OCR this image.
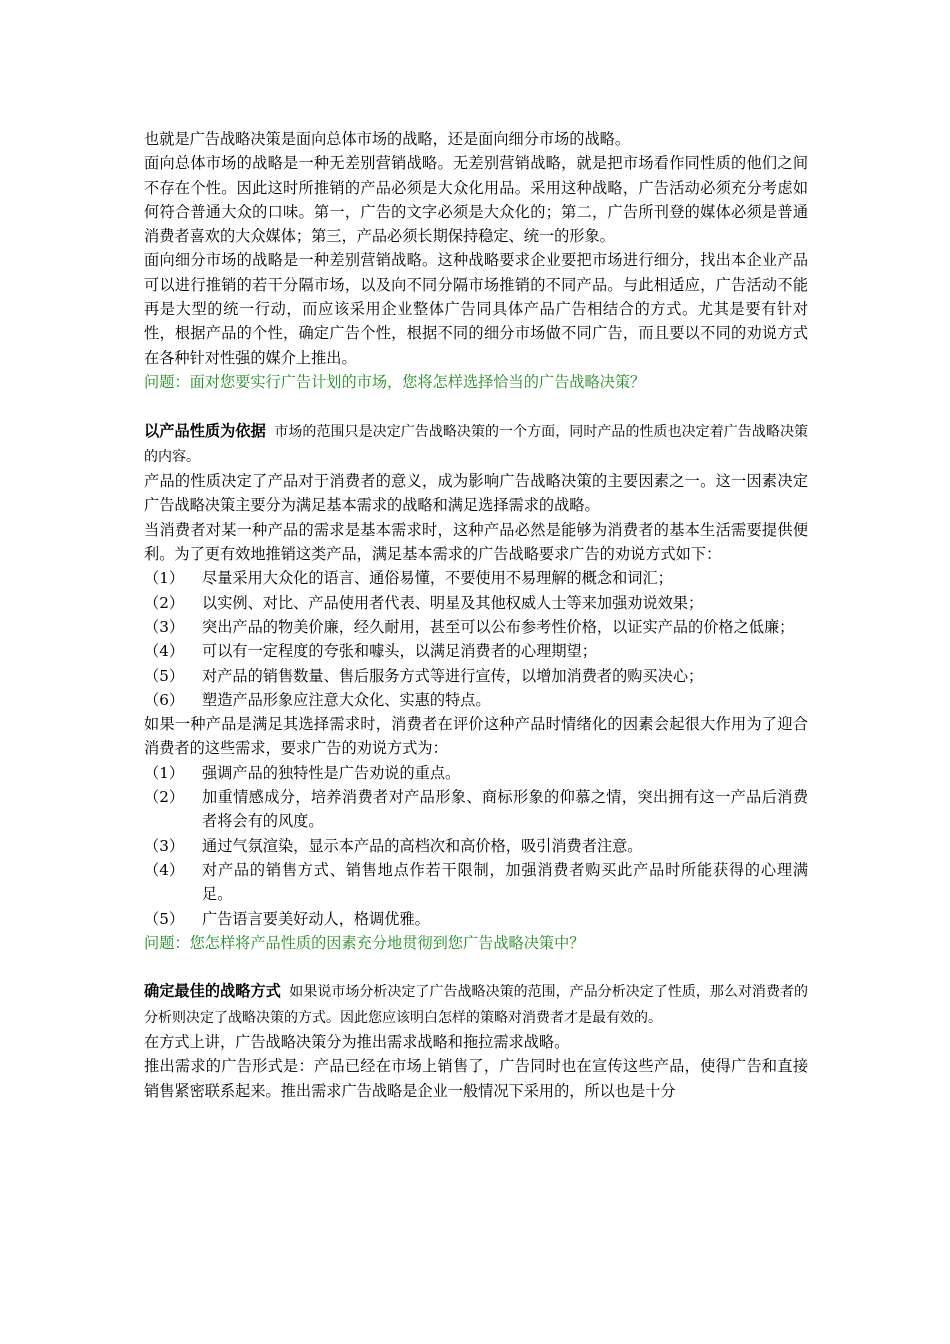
也就是广告战略决策是面向总体市场的战略，还是面向细分市场的战略。

面向总体市场的战略是一种无差别营销战略。无差别营销战略，就是把市场看作同性质的他们之间不存在个性。因此这时所推销的产品必须是大众化用品。采用这种战略，广告活动必须充分考虑如何符合普通大众的口味。第一，广告的文字必须是大众化的；第二，广告所刊登的媒体必须是普通消费者喜欢的大众媒体；第三，产品必须长期保持稳定、统一的形象。

面向细分市场的战略是一种差别营销战略。这种战略要求企业要把市场进行细分，找出本企业产品可以进行推销的若干分隔市场，以及向不同分隔市场推销的不同产品。与此相适应，广告活动不能再是大型的统一行动，而应该采用企业整体广告同具体产品广告相结合的方式。尤其是要有针对性，根据产品的个性，确定广告个性，根据不同的细分市场做不同广告，而且要以不同的劝说方式在各种针对性强的媒介上推出。

问题：面对您要实行广告计划的市场，您将怎样选择恰当的广告战略决策？

以产品性质为依据 市场的范围只是决定广告战略决策的一个方面，同时产品的性质也决定着广告战略决策的内容。

产品的性质决定了产品对于消费者的意义，成为影响广告战略决策的主要因素之一。这一因素决定广告战略决策主要分为满足基本需求的战略和满足选择需求的战略。

当消费者对某一种产品的需求是基本需求时，这种产品必然是能够为消费者的基本生活需要提供便利。为了更有效地推销这类产品，满足基本需求的广告战略要求广告的劝说方式如下：

（1）	尽量采用大众化的语言、通俗易懂，不要使用不易理解的概念和词汇；
（2）	以实例、对比、产品使用者代表、明星及其他权威人士等来加强劝说效果；
（3）	突出产品的物美价廉，经久耐用，甚至可以公布参考性价格，以证实产品的价格之低廉；
（4）	可以有一定程度的夸张和噱头，以满足消费者的心理期望；
（5）	对产品的销售数量、售后服务方式等进行宣传，以增加消费者的购买决心；
（6）	塑造产品形象应注意大众化、实惠的特点。

如果一种产品是满足其选择需求时，消费者在评价这种产品时情绪化的因素会起很大作用为了迎合消费者的这些需求，要求广告的劝说方式为：

（1）	强调产品的独特性是广告劝说的重点。
（2）	加重情感成分，培养消费者对产品形象、商标形象的仰慕之情，突出拥有这一产品后消费者将会有的风度。
（3）	通过气氛渲染，显示本产品的高档次和高价格，吸引消费者注意。
（4）	对产品的销售方式、销售地点作若干限制，加强消费者购买此产品时所能获得的心理满足。
（5）	广告语言要美好动人，格调优雅。

问题：您怎样将产品性质的因素充分地贯彻到您广告战略决策中？

确定最佳的战略方式 如果说市场分析决定了广告战略决策的范围，产品分析决定了性质，那么对消费者的分析则决定了战略决策的方式。因此您应该明白怎样的策略对消费者才是最有效的。

在方式上讲，广告战略决策分为推出需求战略和拖拉需求战略。

推出需求的广告形式是：产品已经在市场上销售了，广告同时也在宣传这些产品，使得广告和直接销售紧密联系起来。推出需求广告战略是企业一般情况下采用的，所以也是十分
